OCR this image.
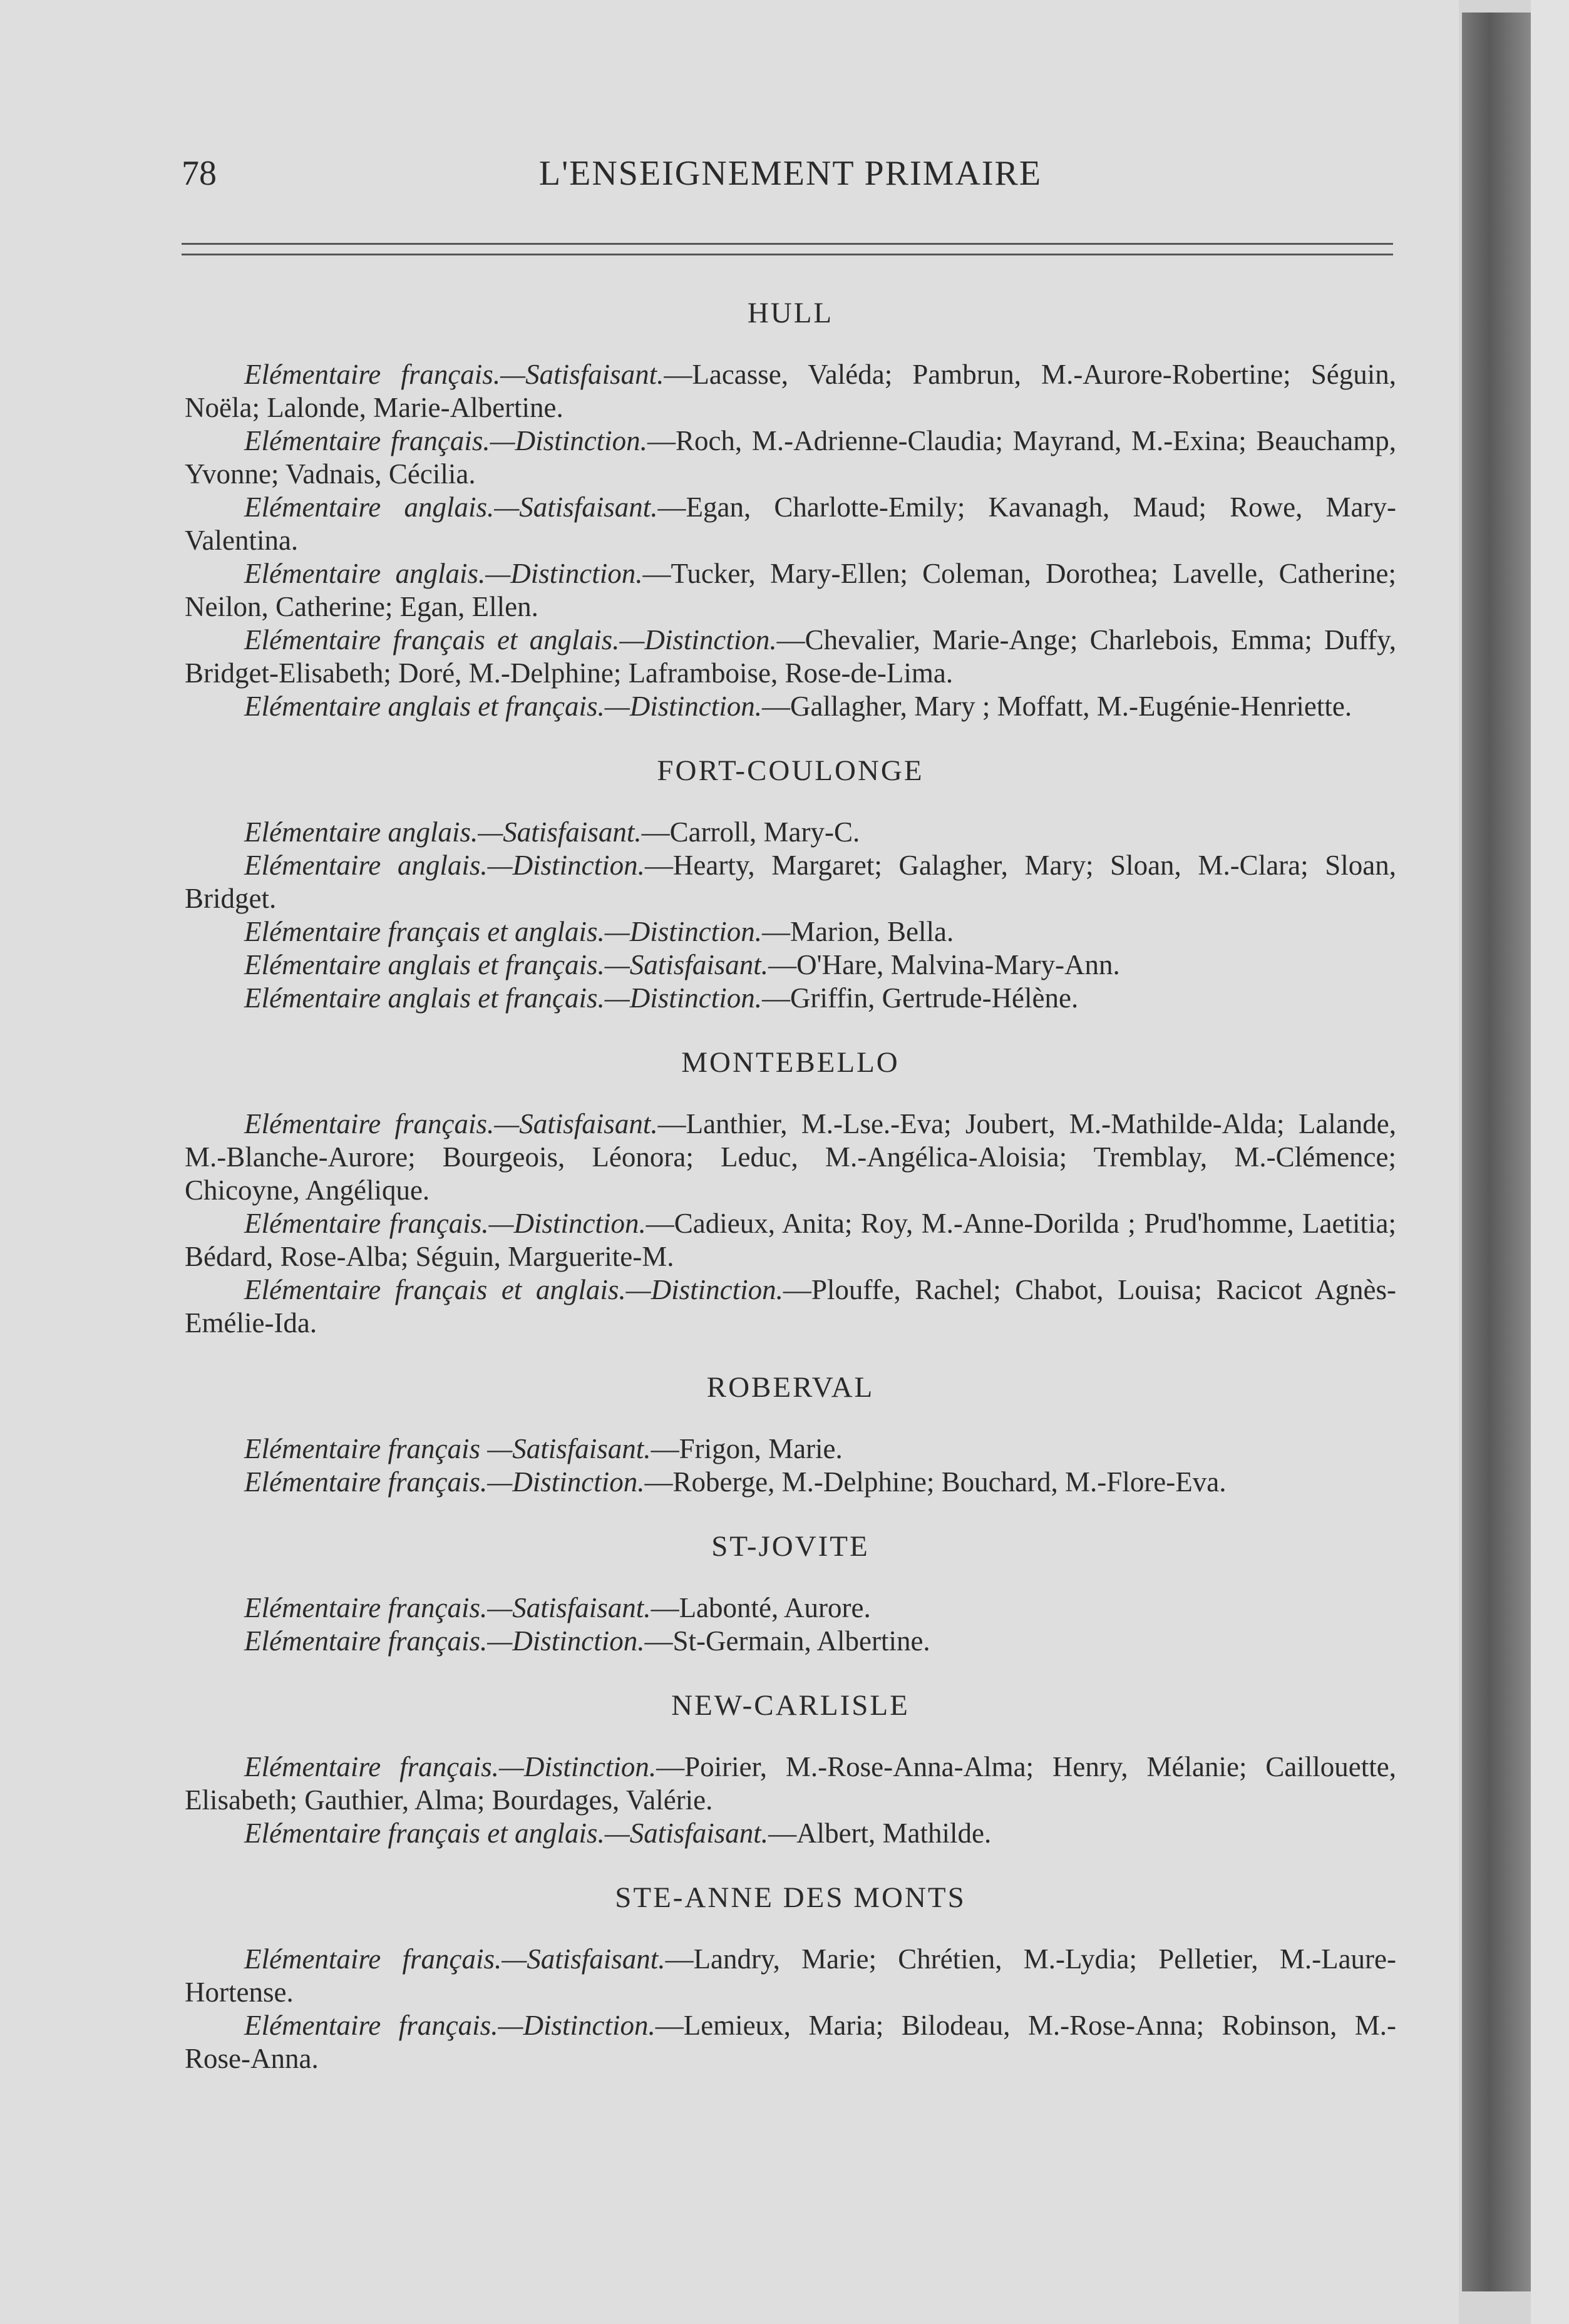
78	L'ENSEIGNEMENT PRIMAIRE
HULL

Elémentaire français.—Satisfaisant.—Lacasse, Valéda; Pambrun, M.-Aurore-Robertine; Séguin, Noëla; Lalonde, Marie-Albertine.

Elémentaire français.—Distinction.—Roch, M.-Adrienne-Claudia; Mayrand, M.-Exina; Beauchamp, Yvonne; Vadnais, Cécilia.

Elémentaire anglais.—Satisfaisant.—Egan, Charlotte-Emily; Kavanagh, Maud; Rowe, Mary-Valentina.

Elémentaire anglais.—Distinction.—Tucker, Mary-Ellen; Coleman, Dorothea; Lavelle, Catherine; Neilon, Catherine; Egan, Ellen.

Elémentaire français et anglais.—Distinction.—Chevalier, Marie-Ange; Charlebois, Emma; Duffy, Bridget-Elisabeth; Doré, M.-Delphine; Laframboise, Rose-de-Lima.

Elémentaire anglais et français.—Distinction.—Gallagher, Mary ; Moffatt, M.-Eugénie-Henriette.

FORT-COULONGE

Elémentaire anglais.—Satisfaisant.—Carroll, Mary-C.

Elémentaire anglais.—Distinction.—Hearty, Margaret; Galagher, Mary; Sloan, M.-Clara; Sloan, Bridget.

Elémentaire français et anglais.—Distinction.—Marion, Bella.

Elémentaire anglais et français.—Satisfaisant.—O'Hare, Malvina-Mary-Ann.

Elémentaire anglais et français.—Distinction.—Griffin, Gertrude-Hélène.

MONTEBELLO

Elémentaire français.—Satisfaisant.—Lanthier, M.-Lse.-Eva; Joubert, M.-Mathilde-Alda; Lalande, M.-Blanche-Aurore; Bourgeois, Léonora; Leduc, M.-Angélica-Aloisia; Tremblay, M.-Clémence; Chicoyne, Angélique.

Elémentaire français.—Distinction.—Cadieux, Anita; Roy, M.-Anne-Dorilda ; Prud'homme, Laetitia; Bédard, Rose-Alba; Séguin, Marguerite-M.

Elémentaire français et anglais.—Distinction.—Plouffe, Rachel; Chabot, Louisa; Racicot Agnès-Emélie-Ida.

ROBERVAL

Elémentaire français —Satisfaisant.—Frigon, Marie.

Elémentaire français.—Distinction.—Roberge, M.-Delphine; Bouchard, M.-Flore-Eva.

ST-JOVITE

Elémentaire français.—Satisfaisant.—Labonté, Aurore.

Elémentaire français.—Distinction.—St-Germain, Albertine.

NEW-CARLISLE

Elémentaire français.—Distinction.—Poirier, M.-Rose-Anna-Alma; Henry, Mélanie; Caillouette, Elisabeth; Gauthier, Alma; Bourdages, Valérie.

Elémentaire français et anglais.—Satisfaisant.—Albert, Mathilde.

STE-ANNE DES MONTS

Elémentaire français.—Satisfaisant.—Landry, Marie; Chrétien, M.-Lydia; Pelletier, M.-Laure-Hortense.

Elémentaire français.—Distinction.—Lemieux, Maria; Bilodeau, M.-Rose-Anna; Robinson, M.-Rose-Anna.
